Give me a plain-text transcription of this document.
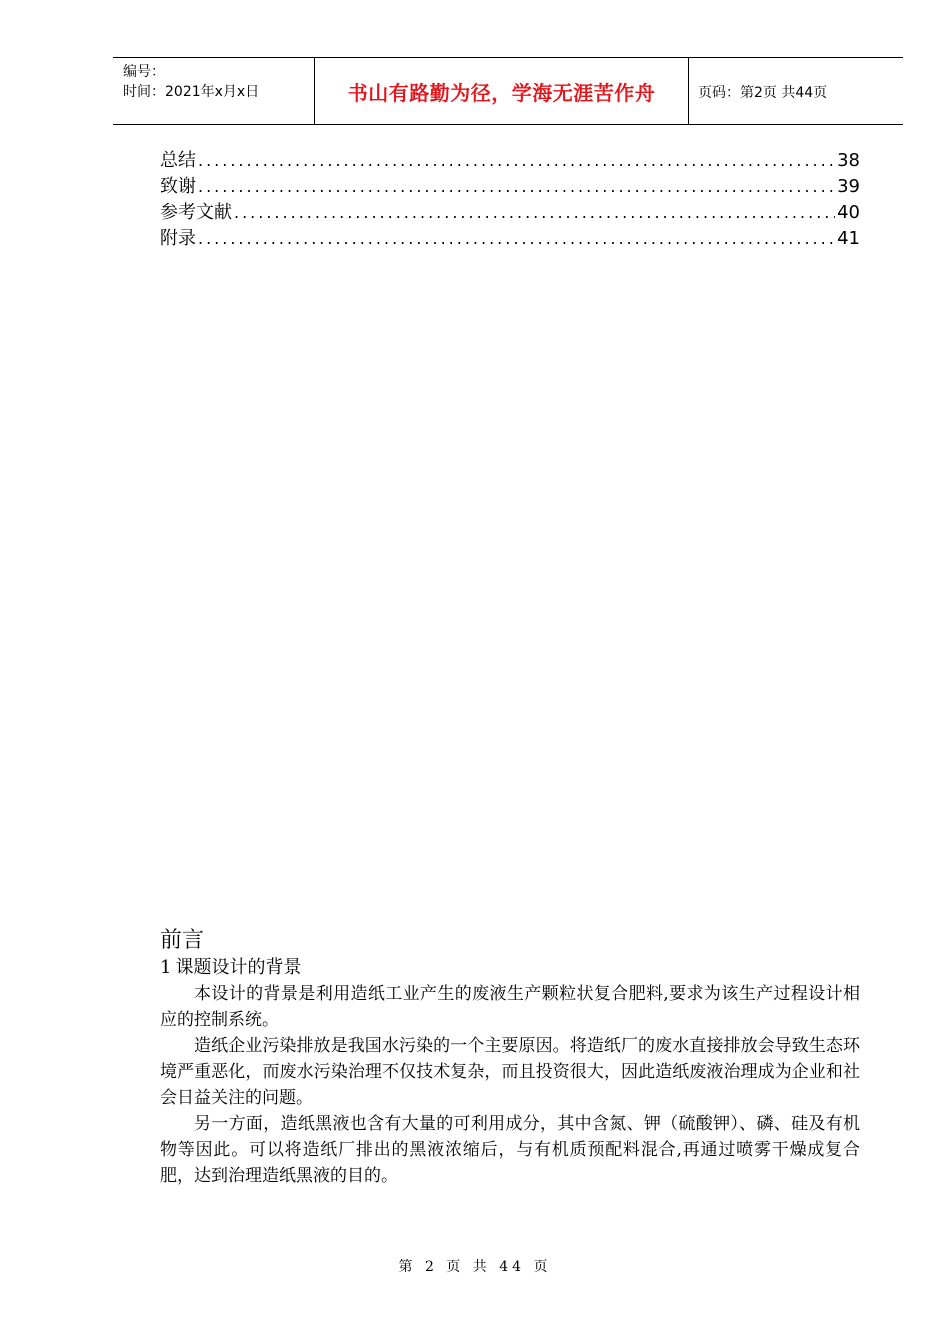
编号：
时间：2021年x月x日	书山有路勤为径，学海无涯苦作舟	页码：第2页 共44页
总结 .....	38
致谢 .....	39
参考文献 .....	40
附录 .....	41
前言
1 课题设计的背景

本设计的背景是利用造纸工业产生的废液生产颗粒状复合肥料,要求为该生产过程设计相应的控制系统。

造纸企业污染排放是我国水污染的一个主要原因。将造纸厂的废水直接排放会导致生态环境严重恶化，而废水污染治理不仅技术复杂，而且投资很大，因此造纸废液治理成为企业和社会日益关注的问题。

另一方面，造纸黑液也含有大量的可利用成分，其中含氮、钾（硫酸钾）、磷、硅及有机物等因此。可以将造纸厂排出的黑液浓缩后，与有机质预配料混合,再通过喷雾干燥成复合肥，达到治理造纸黑液的目的。

第 2 页 共 44 页
